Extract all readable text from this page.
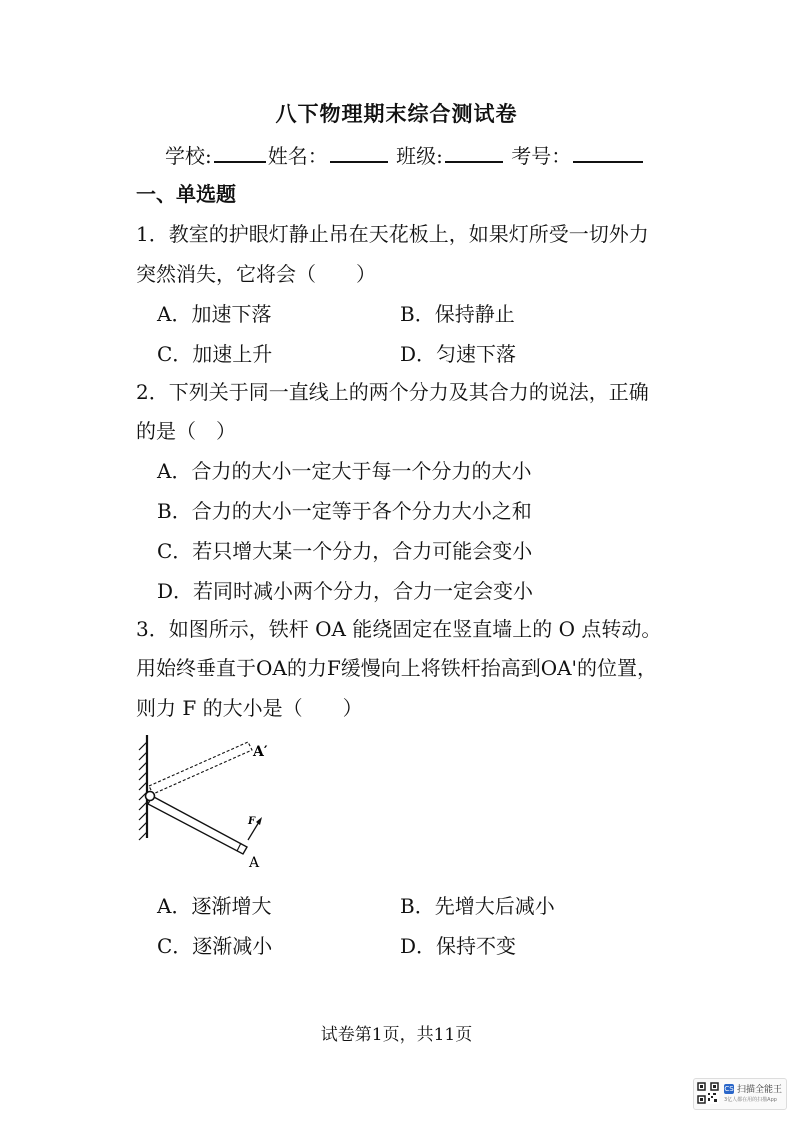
八下物理期末综合测试卷
学校:	姓名：	班级:	考号：
一、单选题
1．教室的护眼灯静止吊在天花板上，如果灯所受一切外力
突然消失，它将会（　　）
A．加速下落	B．保持静止
C．加速上升	D．匀速下落
2．下列关于同一直线上的两个分力及其合力的说法，正确
的是（　）
A．合力的大小一定大于每一个分力的大小
B．合力的大小一定等于各个分力大小之和
C．若只增大某一个分力，合力可能会变小
D．若同时减小两个分力，合力一定会变小
3．如图所示，铁杆 OA 能绕固定在竖直墙上的 O 点转动。
用始终垂直于OA的力F缓慢向上将铁杆抬高到OA'的位置，
则力 F 的大小是（　　）
F
A′
A
A．逐渐增大	B．先增大后减小
C．逐渐减小	D．保持不变
试卷第1页，共11页
CS 扫描全能王
3亿人都在用的扫描App
